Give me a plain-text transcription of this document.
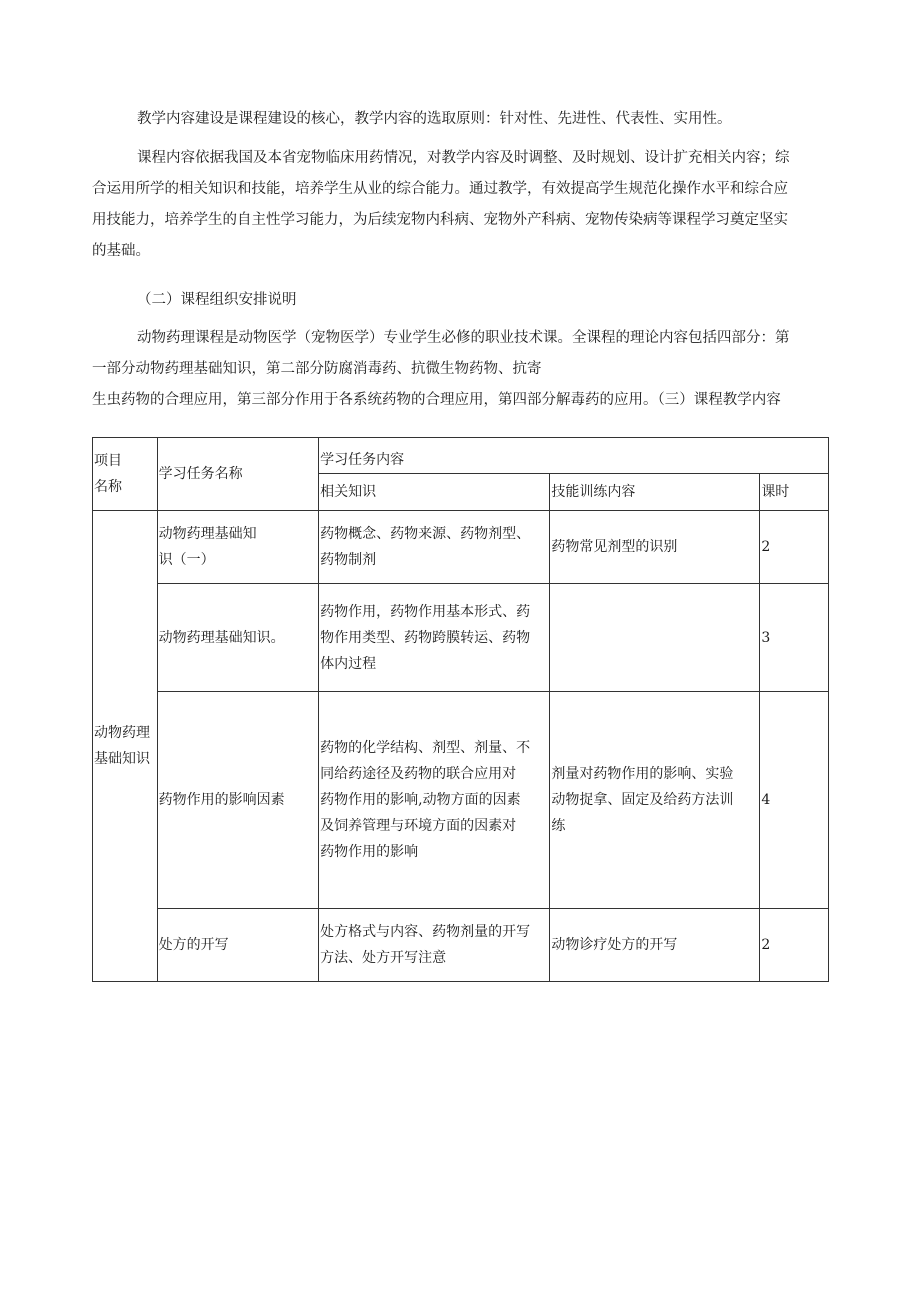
教学内容建设是课程建设的核心，教学内容的选取原则：针对性、先进性、代表性、实用性。

课程内容依据我国及本省宠物临床用药情况，对教学内容及时调整、及时规划、设计扩充相关内容；综
合运用所学的相关知识和技能，培养学生从业的综合能力。通过教学，有效提高学生规范化操作水平和综合应
用技能力，培养学生的自主性学习能力，为后续宠物内科病、宠物外产科病、宠物传染病等课程学习奠定坚实
的基础。

（二）课程组织安排说明

动物药理课程是动物医学（宠物医学）专业学生必修的职业技术课。全课程的理论内容包括四部分：第
一部分动物药理基础知识，第二部分防腐消毒药、抗微生物药物、抗寄
生虫药物的合理应用，第三部分作用于各系统药物的合理应用，第四部分解毒药的应用。（三）课程教学内容
项目
名称	学习任务名称	学习任务内容		
		相关知识	技能训练内容	课时

动物药理
基础知识	动物药理基础知
识（一）	药物概念、药物来源、药物剂型、
药物制剂	药物常见剂型的识别	2

	动物药理基础知识。	药物作用，药物作用基本形式、药
物作用类型、药物跨膜转运、药物
体内过程		3

	药物作用的影响因素	药物的化学结构、剂型、剂量、不
同给药途径及药物的联合应用对
药物作用的影响,动物方面的因素
及饲养管理与环境方面的因素对
药物作用的影响	剂量对药物作用的影响、实验
动物捉拿、固定及给药方法训
练	4

	处方的开写	处方格式与内容、药物剂量的开写
方法、处方开写注意	动物诊疗处方的开写	2
